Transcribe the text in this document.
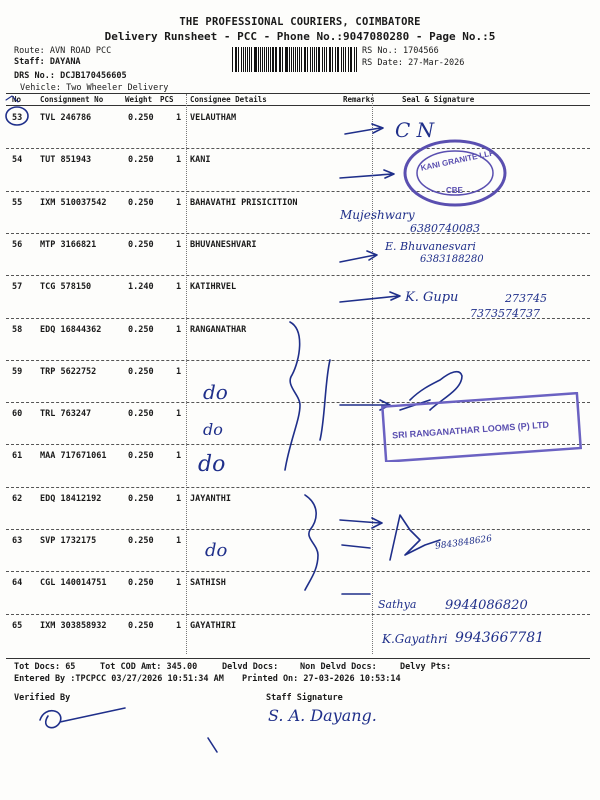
THE PROFESSIONAL COURIERS, COIMBATORE
Delivery Runsheet - PCC - Phone No.:9047080280 - Page No.:5
Route: AVN ROAD PCC
Staff: DAYANA
DRS No.: DCJB170456605
Vehicle: Two Wheeler Delivery
RS No.: 1704566
RS Date: 27-Mar-2026
No	Consignment No	Weight PCS Consignee Details	Remarks	Seal & Signature
53 TVL 246786	0.250	1 VELAUTHAM
54 TUT 851943	0.250	1 KANI
55 IXM 510037542	0.250	1 BAHAVATHI PRISICITION
56 MTP 3166821	0.250	1 BHUVANESHVARI
57 TCG 578150	1.240	1 KATIHRVEL
58 EDQ 16844362	0.250	1 RANGANATHAR
59 TRP 5622752	0.250	1
60 TRL 763247	0.250	1
61 MAA 717671061	0.250	1
62 EDQ 18412192	0.250	1 JAYANTHI
63 SVP 1732175	0.250	1
64 CGL 140014751	0.250	1 SATHISH
65 IXM 303858932	0.250	1 GAYATHIRI
C N
Mujeshwary
6380740083
E. Bhuvanesvari
6383188280
K. Gupu	273745
7373574737
do
do
do
do	9843848626
Sathya 9944086820
K.Gayathri 9943667781
KANI GRANITE LLP
CBE
SRI RANGANATHAR LOOMS (P) LTD
Tot Docs: 65	Tot COD Amt: 345.00	Delvd Docs:	Non Delvd Docs:	Delvy Pts:
Entered By :TPCPCC 03/27/2026 10:51:34 AM Printed On: 27-03-2026 10:53:14
Verified By	Staff Signature
S. A. Dayang.
